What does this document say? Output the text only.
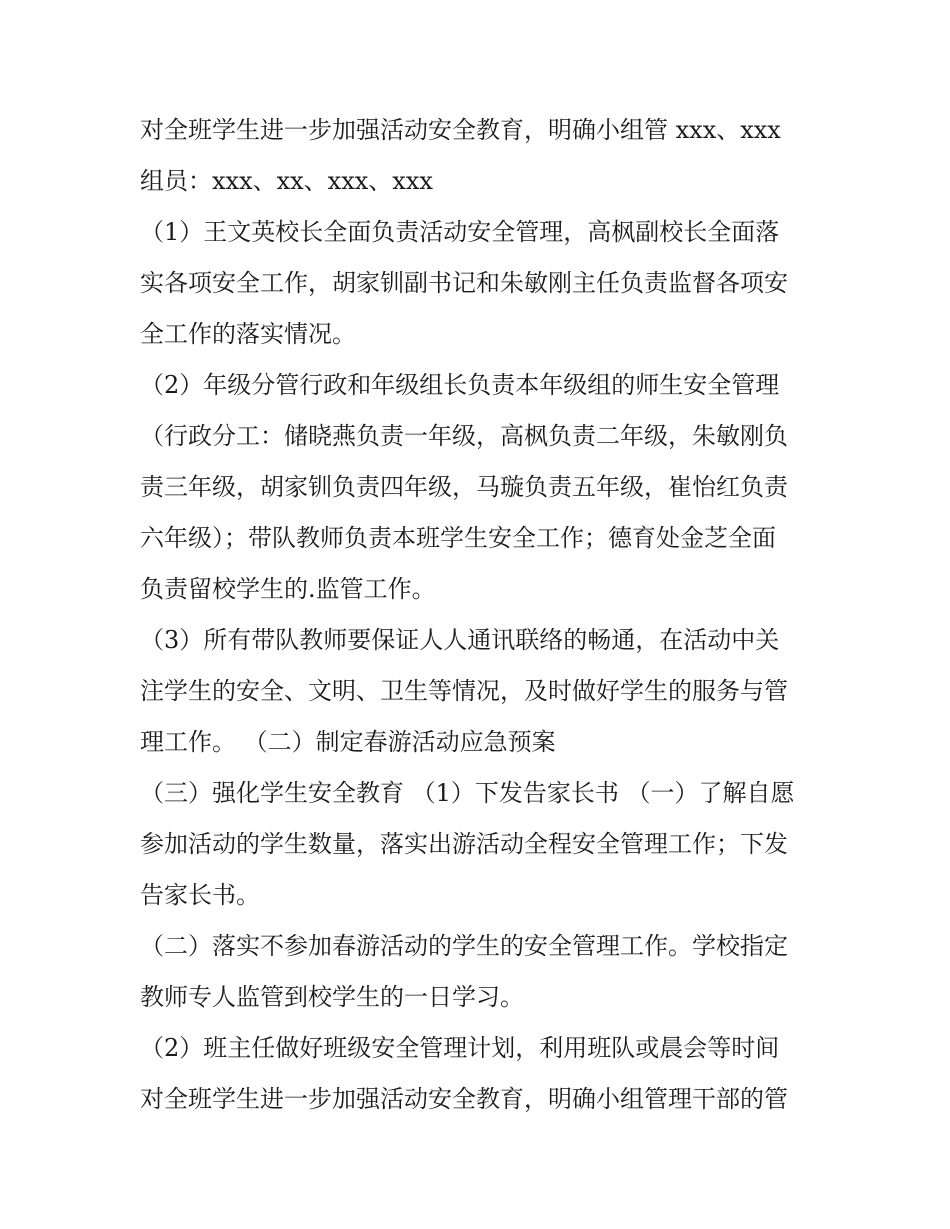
对全班学生进一步加强活动安全教育，明确小组管 xxx、xxx
组员：xxx、xx、xxx、xxx
（1）王文英校长全面负责活动安全管理，高枫副校长全面落
实各项安全工作，胡家钏副书记和朱敏刚主任负责监督各项安
全工作的落实情况。
（2）年级分管行政和年级组长负责本年级组的师生安全管理
（行政分工：储晓燕负责一年级，高枫负责二年级，朱敏刚负
责三年级，胡家钏负责四年级，马璇负责五年级，崔怡红负责
六年级）；带队教师负责本班学生安全工作；德育处金芝全面
负责留校学生的.监管工作。
（3）所有带队教师要保证人人通讯联络的畅通，在活动中关
注学生的安全、文明、卫生等情况，及时做好学生的服务与管
理工作。 （二）制定春游活动应急预案
（三）强化学生安全教育 （1）下发告家长书 （一）了解自愿
参加活动的学生数量，落实出游活动全程安全管理工作；下发
告家长书。
（二）落实不参加春游活动的学生的安全管理工作。学校指定
教师专人监管到校学生的一日学习。
（2）班主任做好班级安全管理计划，利用班队或晨会等时间
对全班学生进一步加强活动安全教育，明确小组管理干部的管
